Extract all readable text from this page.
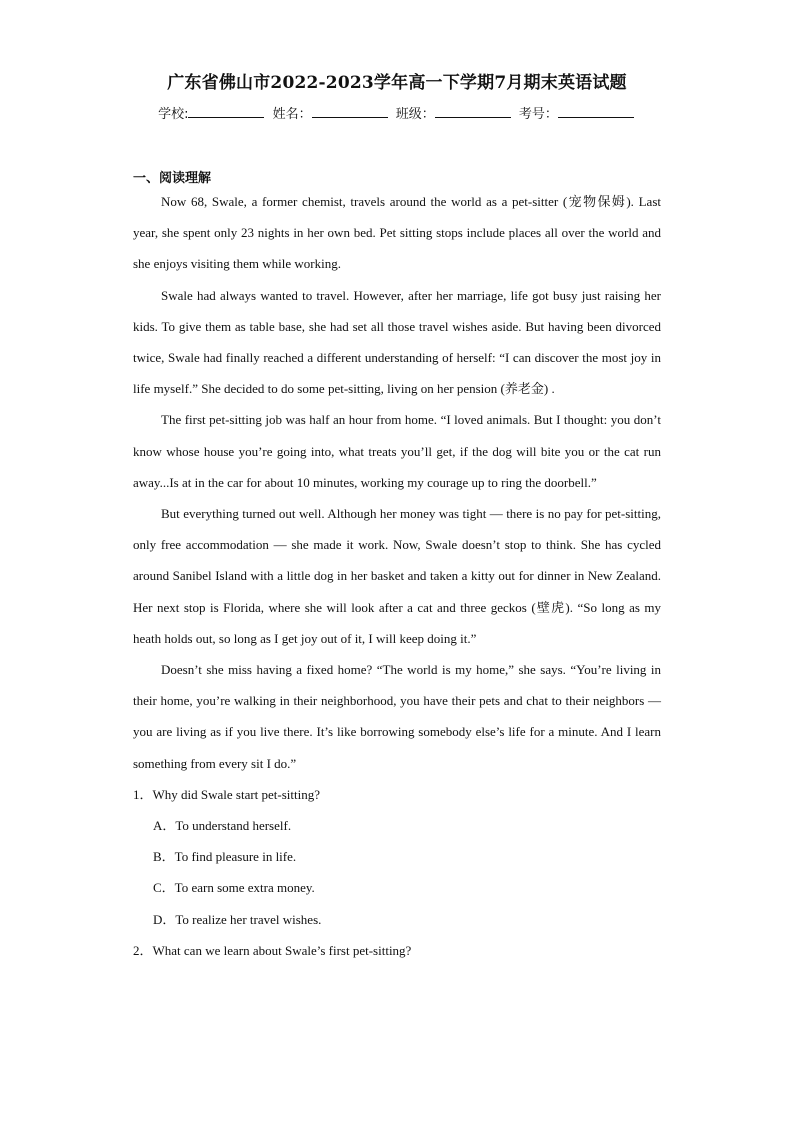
广东省佛山市2022-2023学年高一下学期7月期末英语试题
学校:	姓名：	班级：	考号：
一、阅读理解

Now 68, Swale, a former chemist, travels around the world as a pet-sitter (宠物保姆). Last year, she spent only 23 nights in her own bed. Pet sitting stops include places all over the world and she enjoys visiting them while working.

Swale had always wanted to travel. However, after her marriage, life got busy just raising her kids. To give them as table base, she had set all those travel wishes aside. But having been divorced twice, Swale had finally reached a different understanding of herself: “I can discover the most joy in life myself.” She decided to do some pet-sitting, living on her pension (养老金) .

The first pet-sitting job was half an hour from home. “I loved animals. But I thought: you don’t know whose house you’re going into, what treats you’ll get, if the dog will bite you or the cat run away...Is at in the car for about 10 minutes, working my courage up to ring the doorbell.”

But everything turned out well. Although her money was tight — there is no pay for pet-sitting, only free accommodation — she made it work. Now, Swale doesn’t stop to think. She has cycled around Sanibel Island with a little dog in her basket and taken a kitty out for dinner in New Zealand. Her next stop is Florida, where she will look after a cat and three geckos (壁虎). “So long as my heath holds out, so long as I get joy out of it, I will keep doing it.”

Doesn’t she miss having a fixed home? “The world is my home,” she says. “You’re living in their home, you’re walking in their neighborhood, you have their pets and chat to their neighbors — you are living as if you live there. It’s like borrowing somebody else’s life for a minute. And I learn something from every sit I do.”

1．Why did Swale start pet-sitting?

A．To understand herself.

B．To find pleasure in life.

C．To earn some extra money.

D．To realize her travel wishes.

2．What can we learn about Swale’s first pet-sitting?
